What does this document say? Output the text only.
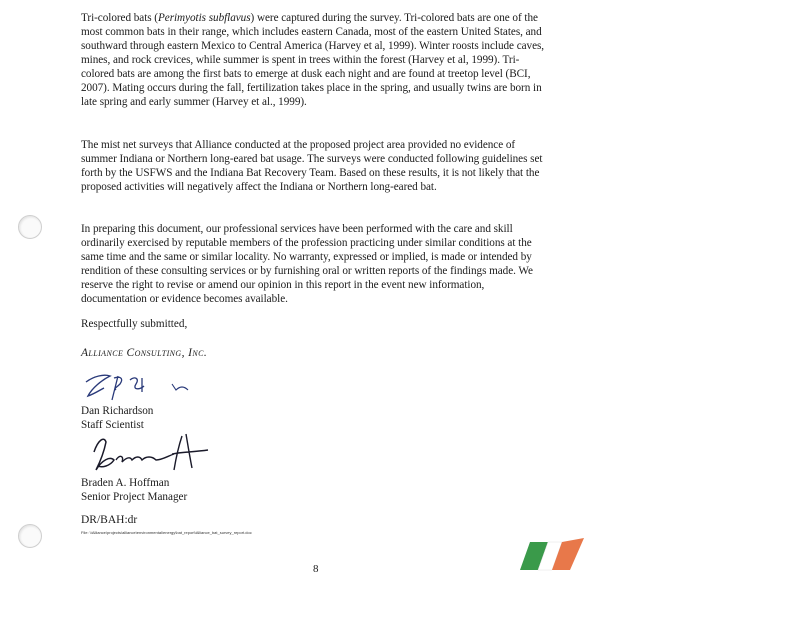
Tri-colored bats (Perimyotis subflavus) were captured during the survey. Tri-colored bats are one of the most common bats in their range, which includes eastern Canada, most of the eastern United States, and southward through eastern Mexico to Central America (Harvey et al, 1999). Winter roosts include caves, mines, and rock crevices, while summer is spent in trees within the forest (Harvey et al, 1999). Tri-colored bats are among the first bats to emerge at dusk each night and are found at treetop level (BCI, 2007). Mating occurs during the fall, fertilization takes place in the spring, and usually twins are born in late spring and early summer (Harvey et al., 1999).

The mist net surveys that Alliance conducted at the proposed project area provided no evidence of summer Indiana or Northern long-eared bat usage. The surveys were conducted following guidelines set forth by the USFWS and the Indiana Bat Recovery Team. Based on these results, it is not likely that the proposed activities will negatively affect the Indiana or Northern long-eared bat.

In preparing this document, our professional services have been performed with the care and skill ordinarily exercised by reputable members of the profession practicing under similar conditions at the same time and the same or similar locality. No warranty, expressed or implied, is made or intended by rendition of these consulting services or by furnishing oral or written reports of the findings made. We reserve the right to revise or amend our opinion in this report in the event new information, documentation or evidence becomes available.

Respectfully submitted,

Alliance Consulting, Inc.

Dan Richardson

Staff Scientist

Braden A. Hoffman

Senior Project Manager

DR/BAH:dr

File: \\Alliance\projects\alliance\environmental\energy\bat_report\Alliance_bat_survey_report.doc

8
